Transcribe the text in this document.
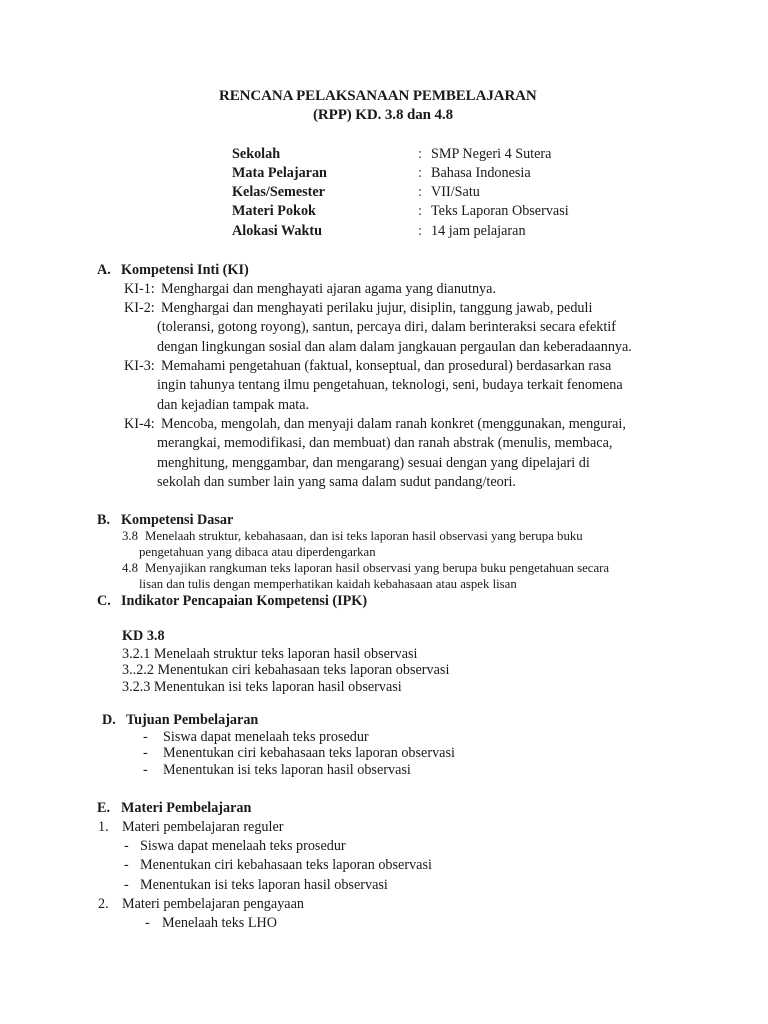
RENCANA PELAKSANAAN PEMBELAJARAN
(RPP) KD. 3.8 dan 4.8
Sekolah	: SMP Negeri 4 Sutera
Mata Pelajaran	: Bahasa Indonesia
Kelas/Semester	: VII/Satu
Materi Pokok	: Teks Laporan Observasi
Alokasi Waktu	: 14 jam pelajaran
A. Kompetensi Inti (KI)
KI-1: Menghargai dan menghayati ajaran agama yang dianutnya.
KI-2: Menghargai dan menghayati perilaku jujur, disiplin, tanggung jawab, peduli
(toleransi, gotong royong), santun, percaya diri, dalam berinteraksi secara efektif
dengan lingkungan sosial dan alam dalam jangkauan pergaulan dan keberadaannya.
KI-3: Memahami pengetahuan (faktual, konseptual, dan prosedural) berdasarkan rasa
ingin tahunya tentang ilmu pengetahuan, teknologi, seni, budaya terkait fenomena
dan kejadian tampak mata.
KI-4: Mencoba, mengolah, dan menyaji dalam ranah konkret (menggunakan, mengurai,
merangkai, memodifikasi, dan membuat) dan ranah abstrak (menulis, membaca,
menghitung, menggambar, dan mengarang) sesuai dengan yang dipelajari di
sekolah dan sumber lain yang sama dalam sudut pandang/teori.
B. Kompetensi Dasar
3.8 Menelaah struktur, kebahasaan, dan isi teks laporan hasil observasi yang berupa buku
pengetahuan yang dibaca atau diperdengarkan
4.8 Menyajikan rangkuman teks laporan hasil observasi yang berupa buku pengetahuan secara
lisan dan tulis dengan memperhatikan kaidah kebahasaan atau aspek lisan
C. Indikator Pencapaian Kompetensi (IPK)
KD 3.8
3.2.1 Menelaah struktur teks laporan hasil observasi
3..2.2 Menentukan ciri kebahasaan teks laporan observasi
3.2.3 Menentukan isi teks laporan hasil observasi
D. Tujuan Pembelajaran
- Siswa dapat menelaah teks prosedur
- Menentukan ciri kebahasaan teks laporan observasi
- Menentukan isi teks laporan hasil observasi
E. Materi Pembelajaran
1. Materi pembelajaran reguler
- Siswa dapat menelaah teks prosedur
- Menentukan ciri kebahasaan teks laporan observasi
- Menentukan isi teks laporan hasil observasi
2. Materi pembelajaran pengayaan
- Menelaah teks LHO
